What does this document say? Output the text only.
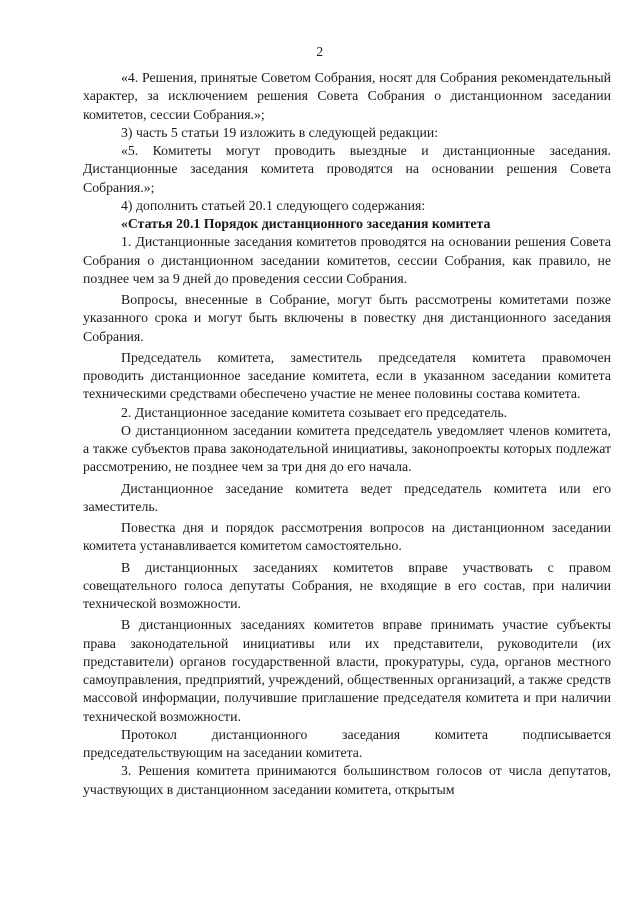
2

«4. Решения, принятые Советом Собрания, носят для Собрания рекомендательный характер, за исключением решения Совета Собрания о дистанционном заседании комитетов, сессии Собрания.»;

3) часть 5 статьи 19 изложить в следующей редакции:

«5. Комитеты могут проводить выездные и дистанционные заседания. Дистанционные заседания комитета проводятся на основании решения Совета Собрания.»;

4) дополнить статьей 20.1 следующего содержания:

«Статья 20.1 Порядок дистанционного заседания комитета

1. Дистанционные заседания комитетов проводятся на основании решения Совета Собрания о дистанционном заседании комитетов, сессии Собрания, как правило, не позднее чем за 9 дней до проведения сессии Собрания.

Вопросы, внесенные в Собрание, могут быть рассмотрены комитетами позже указанного срока и могут быть включены в повестку дня дистанционного заседания Собрания.

Председатель комитета, заместитель председателя комитета правомочен проводить дистанционное заседание комитета, если в указанном заседании комитета техническими средствами обеспечено участие не менее половины состава комитета.

2. Дистанционное заседание комитета созывает его председатель.

О дистанционном заседании комитета председатель уведомляет членов комитета, а также субъектов права законодательной инициативы, законопроекты которых подлежат рассмотрению, не позднее чем за три дня до его начала.

Дистанционное заседание комитета ведет председатель комитета или его заместитель.

Повестка дня и порядок рассмотрения вопросов на дистанционном заседании комитета устанавливается комитетом самостоятельно.

В дистанционных заседаниях комитетов вправе участвовать с правом совещательного голоса депутаты Собрания, не входящие в его состав, при наличии технической возможности.

В дистанционных заседаниях комитетов вправе принимать участие субъекты права законодательной инициативы или их представители, руководители (их представители) органов государственной власти, прокуратуры, суда, органов местного самоуправления, предприятий, учреждений, общественных организаций, а также средств массовой информации, получившие приглашение председателя комитета и при наличии технической возможности.

Протокол дистанционного заседания комитета подписывается председательствующим на заседании комитета.

3. Решения комитета принимаются большинством голосов от числа депутатов, участвующих в дистанционном заседании комитета, открытым
